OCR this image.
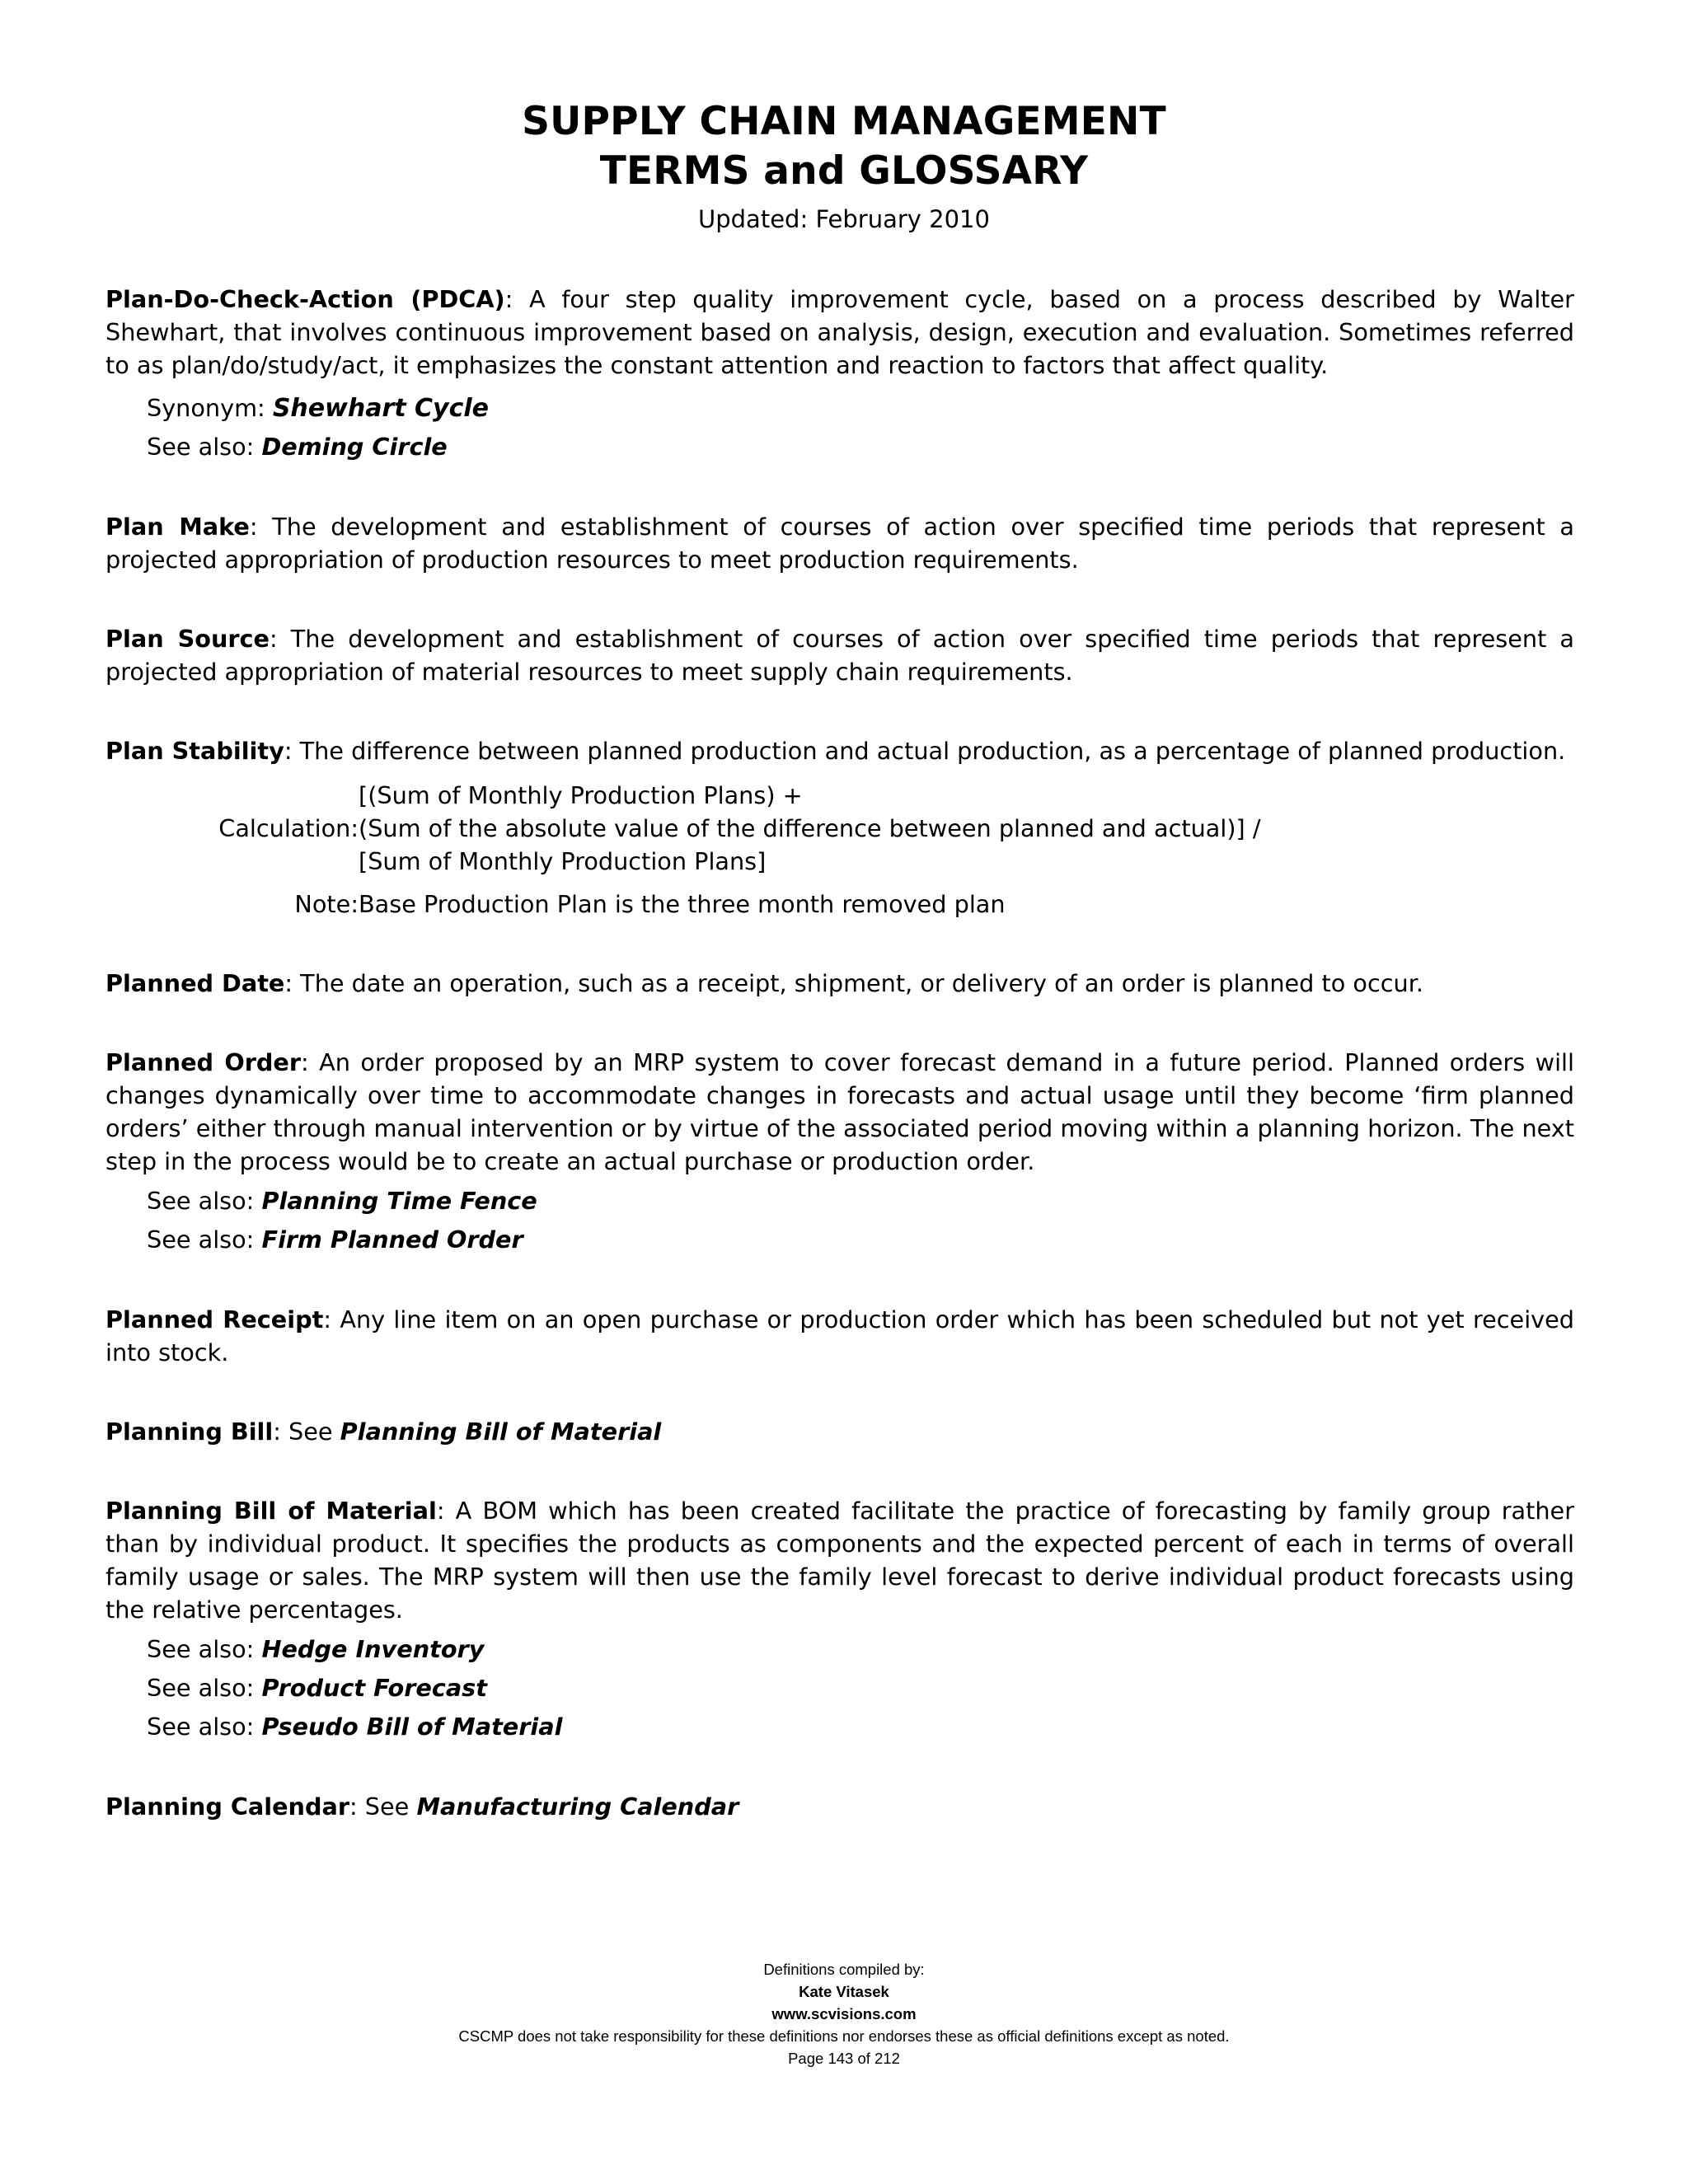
SUPPLY CHAIN MANAGEMENT
TERMS and GLOSSARY
Updated: February 2010

Plan-Do-Check-Action (PDCA): A four step quality improvement cycle, based on a process described by Walter Shewhart, that involves continuous improvement based on analysis, design, execution and evaluation. Sometimes referred to as plan/do/study/act, it emphasizes the constant attention and reaction to factors that affect quality.

Synonym: Shewhart Cycle
See also: Deming Circle

Plan Make: The development and establishment of courses of action over specified time periods that represent a projected appropriation of production resources to meet production requirements.

Plan Source: The development and establishment of courses of action over specified time periods that represent a projected appropriation of material resources to meet supply chain requirements.

Plan Stability: The difference between planned production and actual production, as a percentage of planned production.

[(Sum of Monthly Production Plans) +
Calculation: (Sum of the absolute value of the difference between planned and actual)] /
[Sum of Monthly Production Plans]
Note: Base Production Plan is the three month removed plan

Planned Date: The date an operation, such as a receipt, shipment, or delivery of an order is planned to occur.

Planned Order: An order proposed by an MRP system to cover forecast demand in a future period. Planned orders will changes dynamically over time to accommodate changes in forecasts and actual usage until they become ‘firm planned orders’ either through manual intervention or by virtue of the associated period moving within a planning horizon. The next step in the process would be to create an actual purchase or production order.

See also: Planning Time Fence
See also: Firm Planned Order

Planned Receipt: Any line item on an open purchase or production order which has been scheduled but not yet received into stock.

Planning Bill: See Planning Bill of Material

Planning Bill of Material: A BOM which has been created facilitate the practice of forecasting by family group rather than by individual product. It specifies the products as components and the expected percent of each in terms of overall family usage or sales. The MRP system will then use the family level forecast to derive individual product forecasts using the relative percentages.

See also: Hedge Inventory
See also: Product Forecast
See also: Pseudo Bill of Material

Planning Calendar: See Manufacturing Calendar

Definitions compiled by:
Kate Vitasek
www.scvisions.com
CSCMP does not take responsibility for these definitions nor endorses these as official definitions except as noted.
Page 143 of 212
